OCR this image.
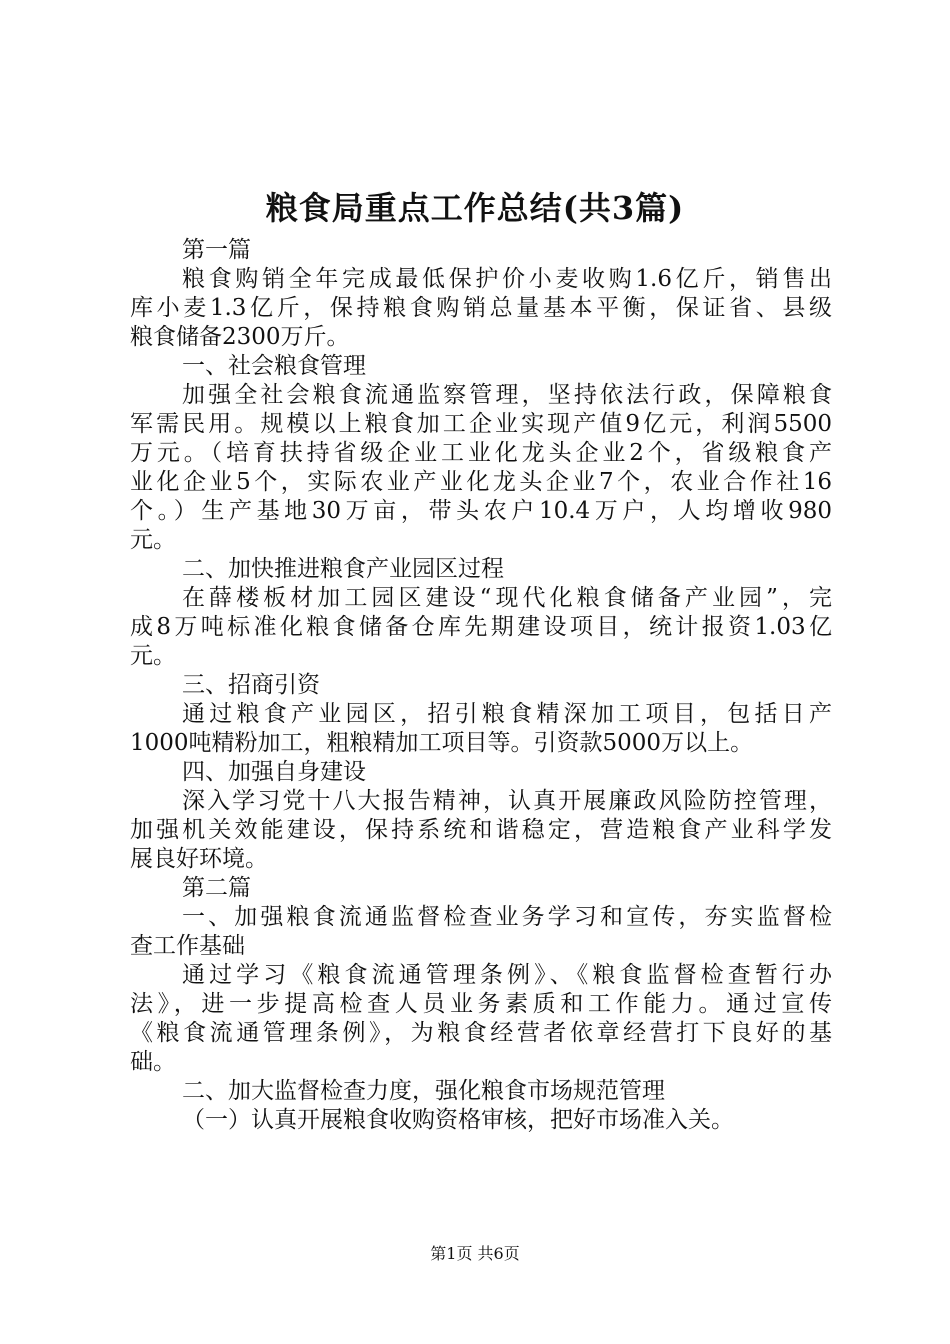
粮食局重点工作总结(共3篇)
第一篇
粮食购销全年完成最低保护价小麦收购1.6亿斤，销售出
库小麦1.3亿斤，保持粮食购销总量基本平衡，保证省、县级
粮食储备2300万斤。
一、社会粮食管理
加强全社会粮食流通监察管理，坚持依法行政，保障粮食
军需民用。规模以上粮食加工企业实现产值9亿元，利润5500
万元。（培育扶持省级企业工业化龙头企业2个，省级粮食产
业化企业5个，实际农业产业化龙头企业7个，农业合作社16
个。）生产基地30万亩，带头农户10.4万户，人均增收980
元。
二、加快推进粮食产业园区过程
在薛楼板材加工园区建设“现代化粮食储备产业园”，完
成8万吨标准化粮食储备仓库先期建设项目，统计报资1.03亿
元。
三、招商引资
通过粮食产业园区，招引粮食精深加工项目，包括日产
1000吨精粉加工，粗粮精加工项目等。引资款5000万以上。
四、加强自身建设
深入学习党十八大报告精神，认真开展廉政风险防控管理，
加强机关效能建设，保持系统和谐稳定，营造粮食产业科学发
展良好环境。
第二篇
一、加强粮食流通监督检查业务学习和宣传，夯实监督检
查工作基础
通过学习《粮食流通管理条例》、《粮食监督检查暂行办
法》，进一步提高检查人员业务素质和工作能力。通过宣传
《粮食流通管理条例》，为粮食经营者依章经营打下良好的基
础。
二、加大监督检查力度，强化粮食市场规范管理
（一）认真开展粮食收购资格审核，把好市场准入关。
第1页 共6页
